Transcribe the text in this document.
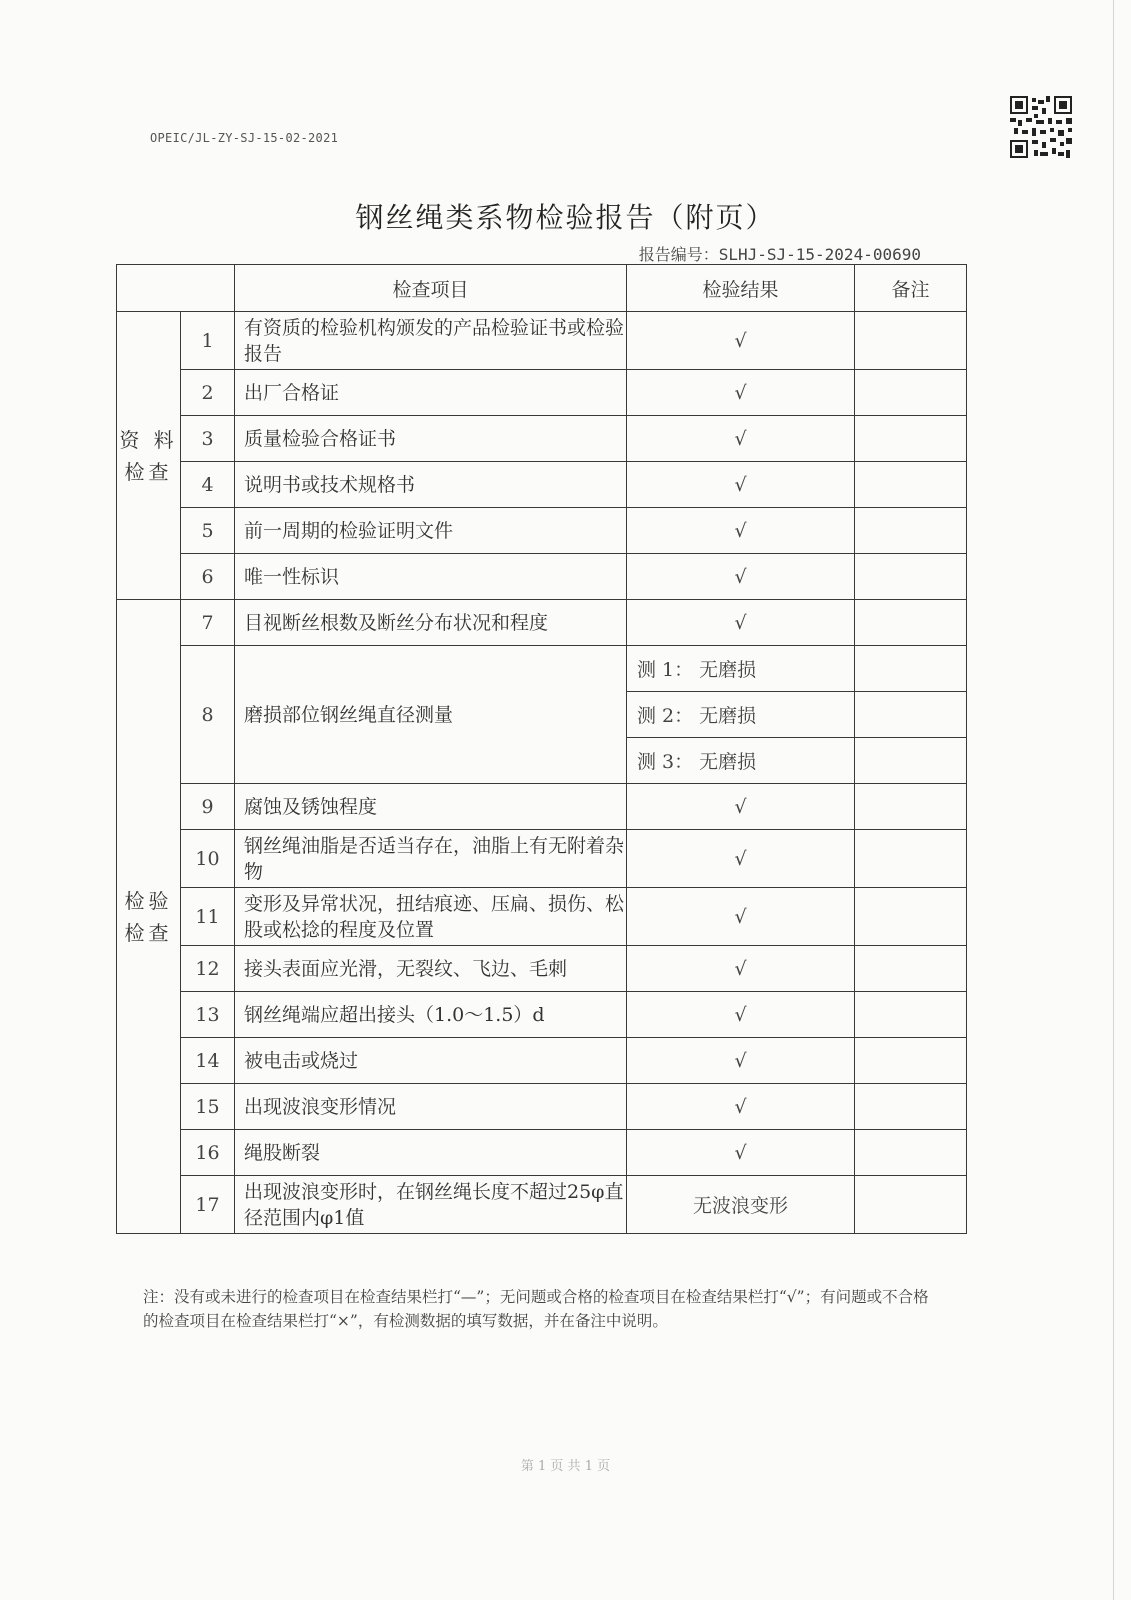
OPEIC/JL-ZY-SJ-15-02-2021
钢丝绳类系物检验报告（附页）
报告编号：SLHJ-SJ-15-2024-00690
		检查项目	检验结果	备注
资 料 检查	1	有资质的检验机构颁发的产品检验证书或检验报告	√	
	2	出厂合格证	√	
	3	质量检验合格证书	√	
	4	说明书或技术规格书	√	
	5	前一周期的检验证明文件	√	
	6	唯一性标识	√	
检验 检查	7	目视断丝根数及断丝分布状况和程度	√	
	8	磨损部位钢丝绳直径测量	测 1： 无磨损	
			测 2： 无磨损	
			测 3： 无磨损	
	9	腐蚀及锈蚀程度	√	
	10	钢丝绳油脂是否适当存在，油脂上有无附着杂物	√	
	11	变形及异常状况，扭结痕迹、压扁、损伤、松股或松捻的程度及位置	√	
	12	接头表面应光滑，无裂纹、飞边、毛刺	√	
	13	钢丝绳端应超出接头（1.0～1.5）d	√	
	14	被电击或烧过	√	
	15	出现波浪变形情况	√	
	16	绳股断裂	√	
	17	出现波浪变形时，在钢丝绳长度不超过25φ直径范围内φ1值	无波浪变形	
注：没有或未进行的检查项目在检查结果栏打“—”；无问题或合格的检查项目在检查结果栏打“√”；有问题或不合格的检查项目在检查结果栏打“×”，有检测数据的填写数据，并在备注中说明。
第 1 页 共 1 页
